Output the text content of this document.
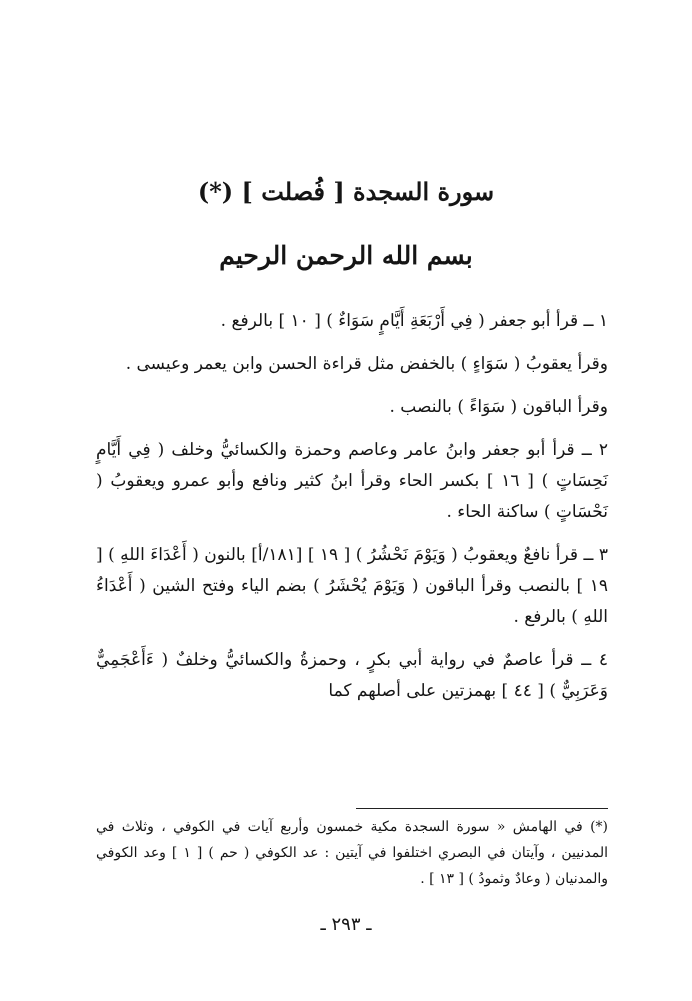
سورة السجدة [ فُصلت ] (*)
بسم الله الرحمن الرحيم

١ ــ قرأ أبو جعفر ( فِي أَرْبَعَةِ أَيَّامٍ سَوَاءٌ ) [ ١٠ ] بالرفع .

وقرأ يعقوبُ ( سَوَاءٍ ) بالخفض مثل قراءة الحسن وابن يعمر وعيسى .

وقرأ الباقون ( سَوَاءً ) بالنصب .

٢ ــ قرأ أبو جعفر وابنُ عامر وعاصم وحمزة والكسائيُّ وخلف ( فِي أَيَّامٍ نَحِسَاتٍ ) [ ١٦ ] بكسر الحاء وقرأ ابنُ كثير ونافع وأبو عمرو ويعقوبُ ( نَحْسَاتٍ ) ساكنة الحاء .

٣ ــ قرأ نافعٌ ويعقوبُ ( وَيَوْمَ نَحْشُرُ ) [ ١٩ ] [١٨١/أ] بالنون ( أَعْدَاءَ اللهِ ) [ ١٩ ] بالنصب وقرأ الباقون ( وَيَوْمَ يُحْشَرُ ) بضم الياء وفتح الشين ( أَعْدَاءُ اللهِ ) بالرفع .

٤ ــ قرأ عاصمٌ في رواية أبي بكرٍ ، وحمزةُ والكسائيُّ وخلفٌ ( ءَأَعْجَمِيٌّ وَعَرَبِيٌّ ) [ ٤٤ ] بهمزتين على أصلهم كما

(*) في الهامش « سورة السجدة مكية خمسون وأربع آيات في الكوفي ، وثلاث في المدنيين ، وآيتان في البصري اختلفوا في آيتين : عد الكوفي ( حم ) [ ١ ] وعد الكوفي والمدنيان ( وعادٌ وثمودُ ) [ ١٣ ] .

ـ ٢٩٣ ـ
